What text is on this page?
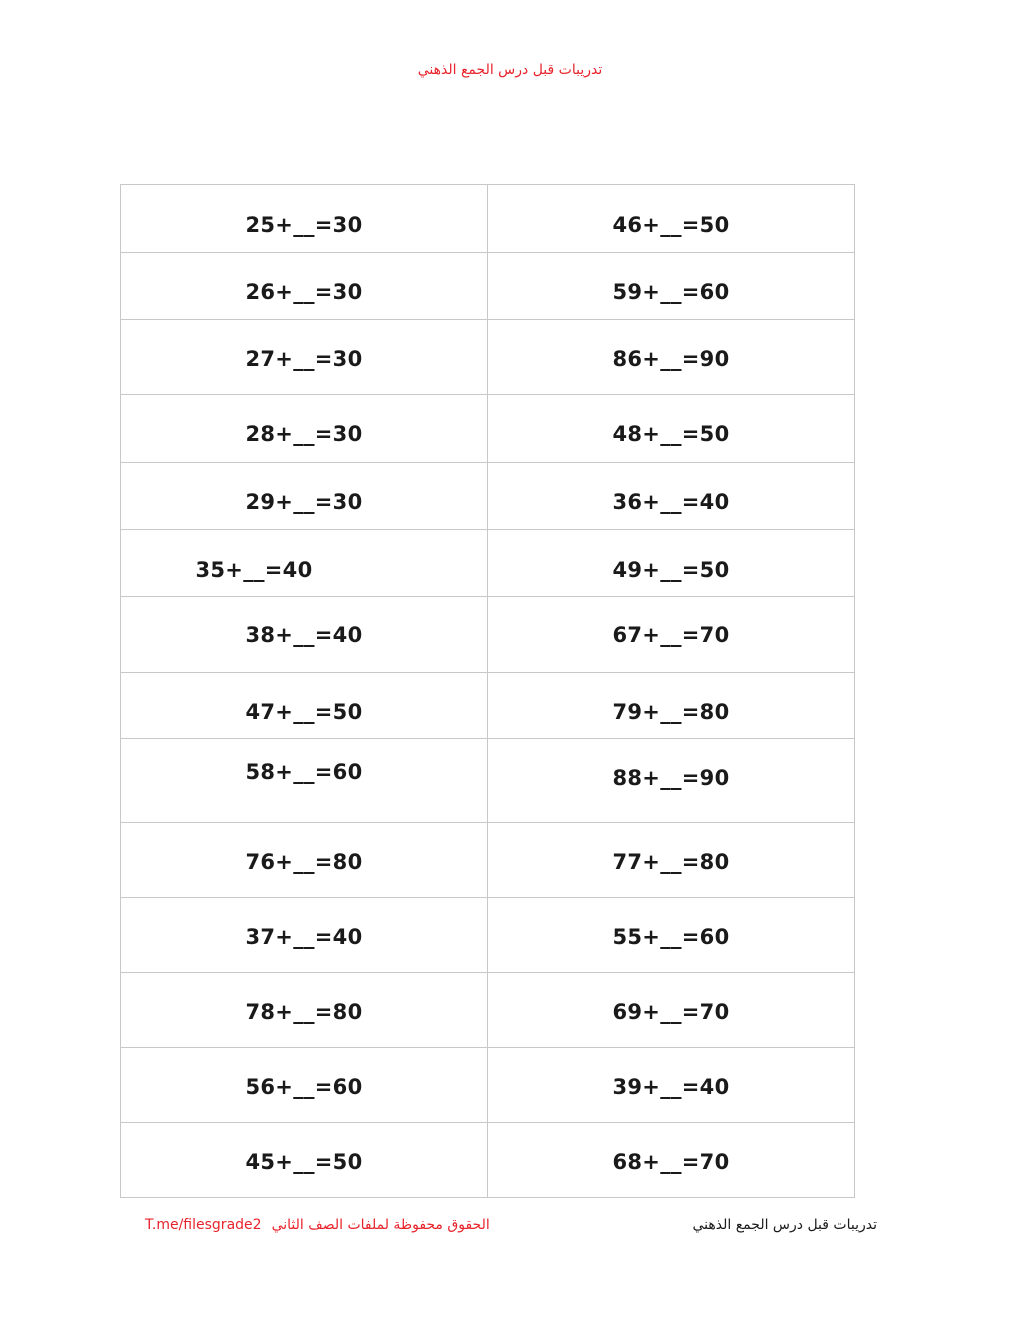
تدريبات قبل درس الجمع الذهني
25+__=30	46+__=50

26+__=30	59+__=60

27+__=30	86+__=90

28+__=30	48+__=50

29+__=30	36+__=40

35+__=40	49+__=50

38+__=40	67+__=70

47+__=50	79+__=80

58+__=60	88+__=90

76+__=80	77+__=80

37+__=40	55+__=60

78+__=80	69+__=70

56+__=60	39+__=40

45+__=50	68+__=70
T.me/filesgrade2 الحقوق محفوظة لملفات الصف الثاني	تدريبات قبل درس الجمع الذهني
